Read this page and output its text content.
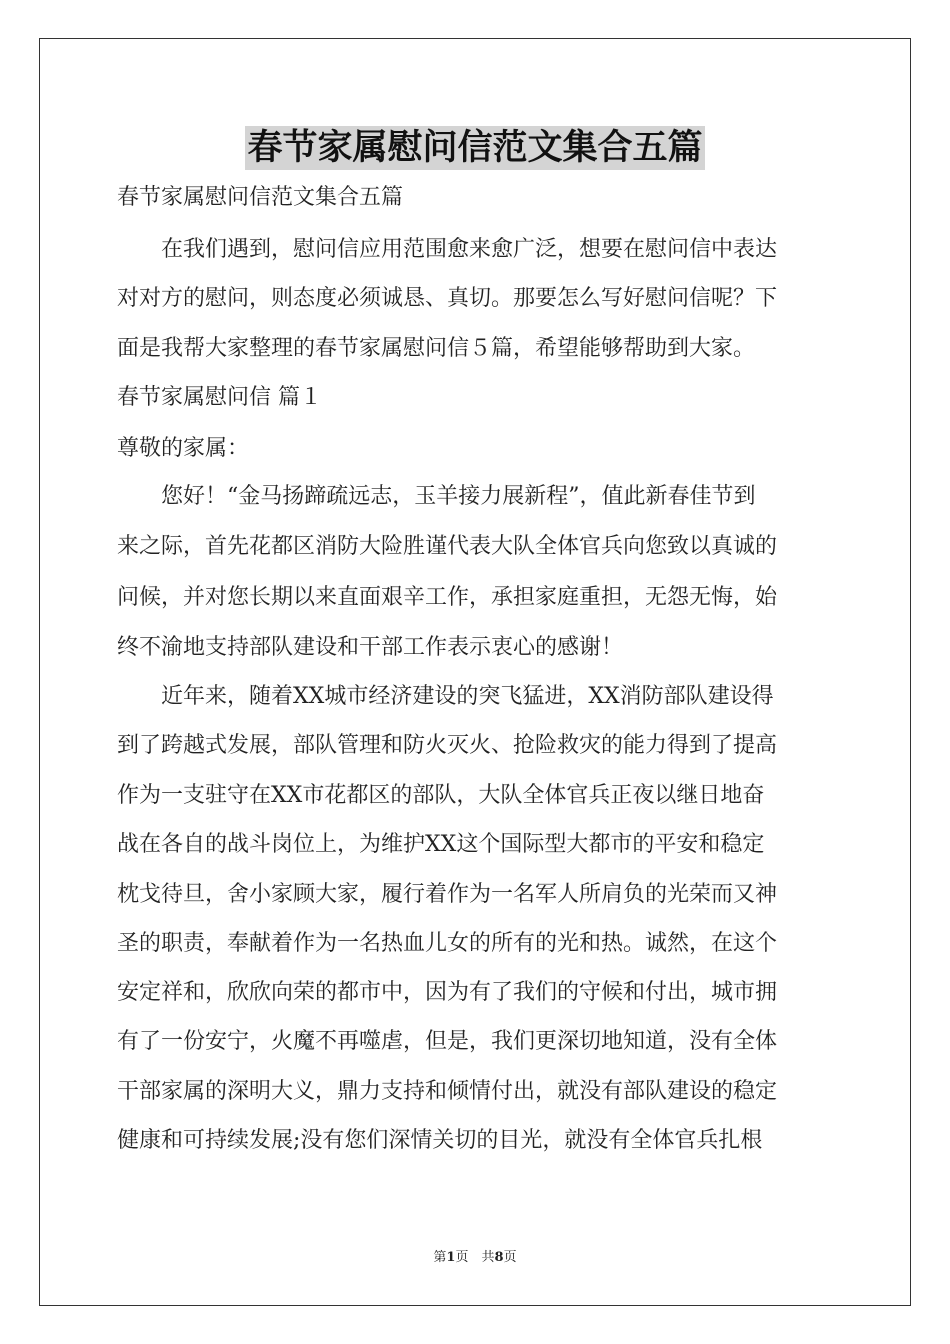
春节家属慰问信范文集合五篇
春节家属慰问信范文集合五篇
　　在我们遇到，慰问信应用范围愈来愈广泛，想要在慰问信中表达
对对方的慰问，则态度必须诚恳、真切。那要怎么写好慰问信呢？下
面是我帮大家整理的春节家属慰问信５篇，希望能够帮助到大家。
春节家属慰问信 篇１
尊敬的家属：
　　您好！“金马扬蹄疏远志，玉羊接力展新程”，值此新春佳节到
来之际，首先花都区消防大险胜谨代表大队全体官兵向您致以真诚的
问候，并对您长期以来直面艰辛工作，承担家庭重担，无怨无悔，始
终不渝地支持部队建设和干部工作表示衷心的感谢！
　　近年来，随着XX城市经济建设的突飞猛进，XX消防部队建设得
到了跨越式发展，部队管理和防火灭火、抢险救灾的能力得到了提高
作为一支驻守在XX市花都区的部队，大队全体官兵正夜以继日地奋
战在各自的战斗岗位上，为维护XX这个国际型大都市的平安和稳定
枕戈待旦，舍小家顾大家，履行着作为一名军人所肩负的光荣而又神
圣的职责，奉献着作为一名热血儿女的所有的光和热。诚然，在这个
安定祥和，欣欣向荣的都市中，因为有了我们的守候和付出，城市拥
有了一份安宁，火魔不再噬虐，但是，我们更深切地知道，没有全体
干部家属的深明大义，鼎力支持和倾情付出，就没有部队建设的稳定
健康和可持续发展;没有您们深情关切的目光，就没有全体官兵扎根
第1页　 共8页
